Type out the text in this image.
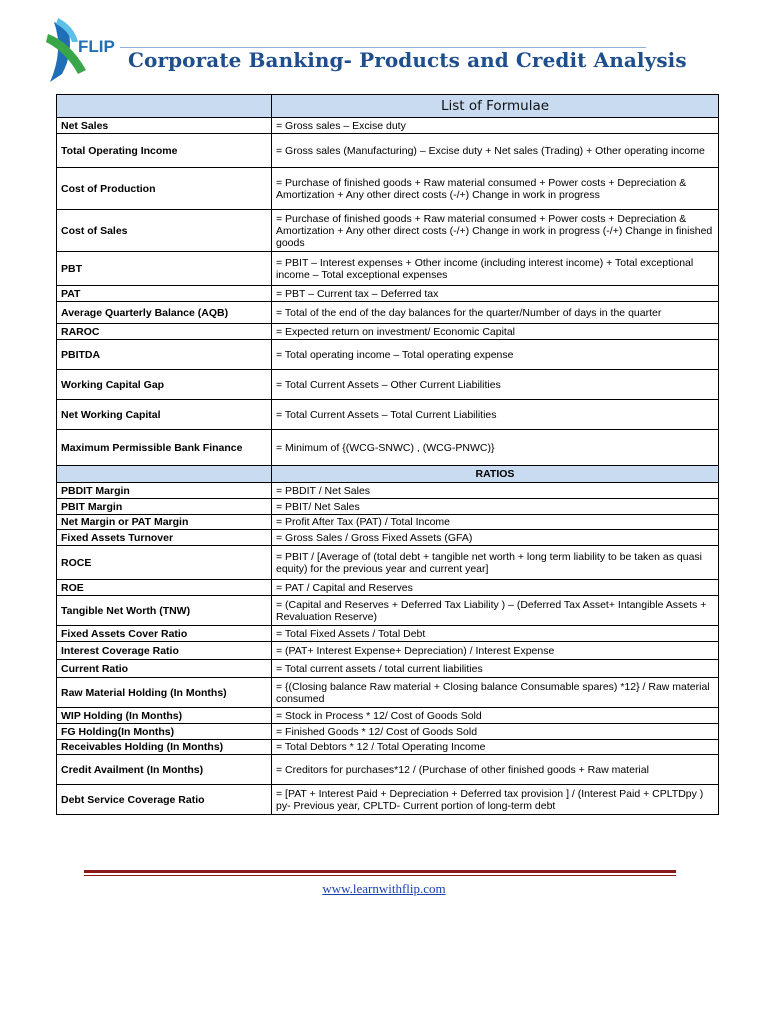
FLIP
Corporate Banking- Products and Credit Analysis
	List of Formulae
Net Sales	= Gross sales – Excise duty
Total Operating Income	= Gross sales (Manufacturing) – Excise duty + Net sales (Trading) + Other operating income
Cost of Production	= Purchase of finished goods + Raw material consumed + Power costs + Depreciation & Amortization + Any other direct costs (-/+) Change in work in progress
Cost of Sales	= Purchase of finished goods + Raw material consumed + Power costs + Depreciation & Amortization + Any other direct costs (-/+) Change in work in progress (-/+) Change in finished goods
PBT	= PBIT – Interest expenses + Other income (including interest income) + Total exceptional income – Total exceptional expenses
PAT	= PBT – Current tax – Deferred tax
Average Quarterly Balance (AQB)	= Total of the end of the day balances for the quarter/Number of days in the quarter
RAROC	= Expected return on investment/ Economic Capital
PBITDA	= Total operating income – Total operating expense
Working Capital Gap	= Total Current Assets – Other Current Liabilities
Net Working Capital	= Total Current Assets – Total Current Liabilities
Maximum Permissible Bank Finance	= Minimum of {(WCG-SNWC) , (WCG-PNWC)}
	RATIOS
PBDIT Margin	= PBDIT / Net Sales
PBIT Margin	= PBIT/ Net Sales
Net Margin or PAT Margin	= Profit After Tax (PAT) / Total Income
Fixed Assets Turnover	= Gross Sales / Gross Fixed Assets (GFA)
ROCE	= PBIT / [Average of (total debt + tangible net worth + long term liability to be taken as quasi equity) for the previous year and current year]
ROE	= PAT / Capital and Reserves
Tangible Net Worth (TNW)	= (Capital and Reserves + Deferred Tax Liability ) – (Deferred Tax Asset+ Intangible Assets + Revaluation Reserve)
Fixed Assets Cover Ratio	= Total Fixed Assets / Total Debt
Interest Coverage Ratio	= (PAT+ Interest Expense+ Depreciation) / Interest Expense
Current Ratio	= Total current assets / total current liabilities
Raw Material Holding (In Months)	= {(Closing balance Raw material + Closing balance Consumable spares) *12} / Raw material consumed
WIP Holding (In Months)	= Stock in Process * 12/ Cost of Goods Sold
FG Holding(In Months)	= Finished Goods * 12/ Cost of Goods Sold
Receivables Holding (In Months)	= Total Debtors * 12 / Total Operating Income
Credit Availment (In Months)	= Creditors for purchases*12 / (Purchase of other finished goods + Raw material
Debt Service Coverage Ratio	= [PAT + Interest Paid + Depreciation + Deferred tax provision ] / (Interest Paid + CPLTDpy ) py- Previous year, CPLTD- Current portion of long-term debt
www.learnwithflip.com
